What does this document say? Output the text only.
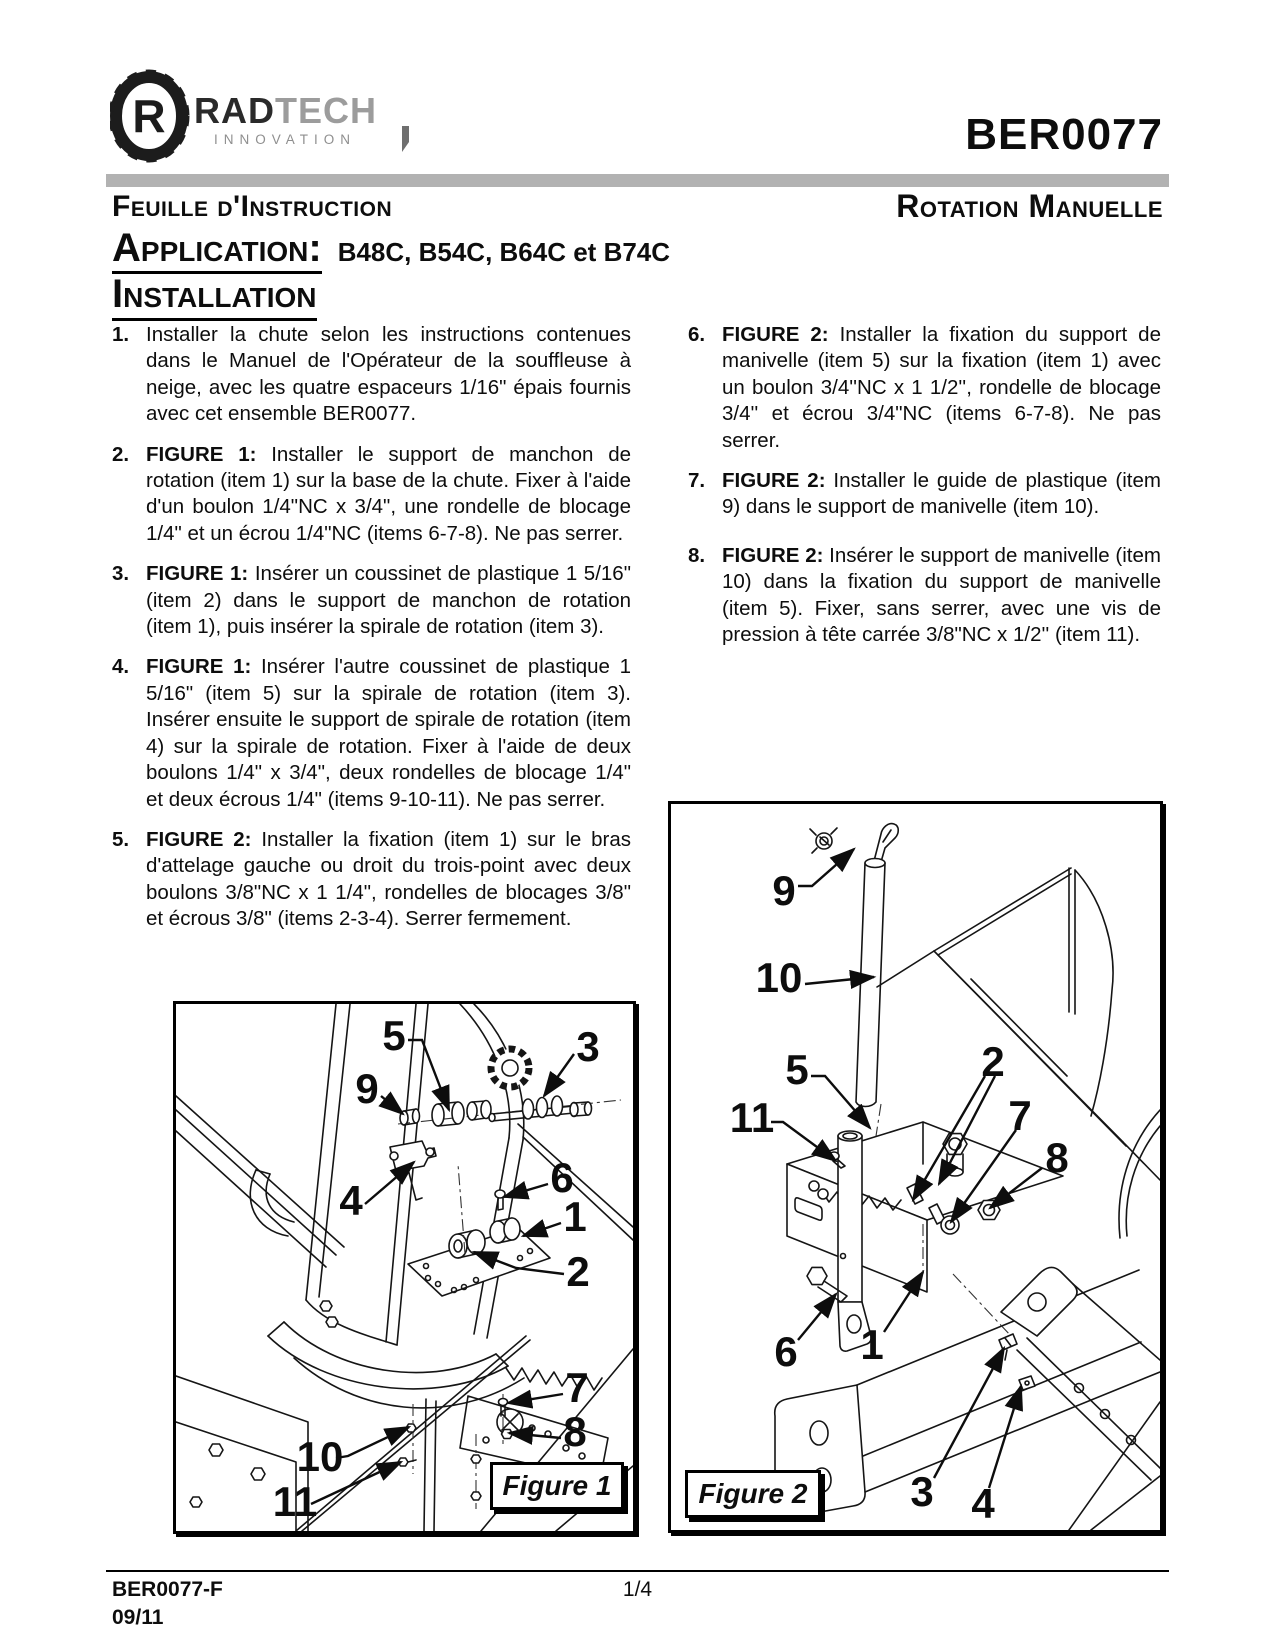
R RADTECH
INNOVATION	BER0077
Feuille d'Instruction	Rotation Manuelle
Application: B48C, B54C, B64C et B74C
Installation
1. Installer la chute selon les instructions contenues dans le Manuel de l'Opérateur de la souffleuse à neige, avec les quatre espaceurs 1/16" épais fournis avec cet ensemble BER0077.
2. FIGURE 1: Installer le support de manchon de rotation (item 1) sur la base de la chute. Fixer à l'aide d'un boulon 1/4"NC x 3/4", une rondelle de blocage 1/4" et un écrou 1/4"NC (items 6-7-8). Ne pas serrer.
3. FIGURE 1: Insérer un coussinet de plastique 1 5/16" (item 2) dans le support de manchon de rotation (item 1), puis insérer la spirale de rotation (item 3).
4. FIGURE 1: Insérer l'autre coussinet de plastique 1 5/16" (item 5) sur la spirale de rotation (item 3). Insérer ensuite le support de spirale de rotation (item 4) sur la spirale de rotation. Fixer à l'aide de deux boulons 1/4" x 3/4", deux rondelles de blocage 1/4" et deux écrous 1/4" (items 9-10-11). Ne pas serrer.
5. FIGURE 2: Installer la fixation (item 1) sur le bras d'attelage gauche ou droit du trois-point avec deux boulons 3/8"NC x 1 1/4", rondelles de blocages 3/8" et écrous 3/8" (items 2-3-4). Serrer fermement.
6. FIGURE 2: Installer la fixation du support de manivelle (item 5) sur la fixation (item 1) avec un boulon 3/4''NC x 1 1/2'', rondelle de blocage 3/4'' et écrou 3/4"NC (items 6-7-8). Ne pas serrer.
7. FIGURE 2: Installer le guide de plastique (item 9) dans le support de manivelle (item 10).
8. FIGURE 2: Insérer le support de manivelle (item 10) dans la fixation du support de manivelle (item 5). Fixer, sans serrer, avec une vis de pression à tête carrée 3/8"NC x 1/2'' (item 11).
5	3
9
4	6
1
2
7
8
10
11	Figure 1
9
10
5
11
2
7
8
6 1
3 4
Figure 2
BER0077-F
09/11
1/4
